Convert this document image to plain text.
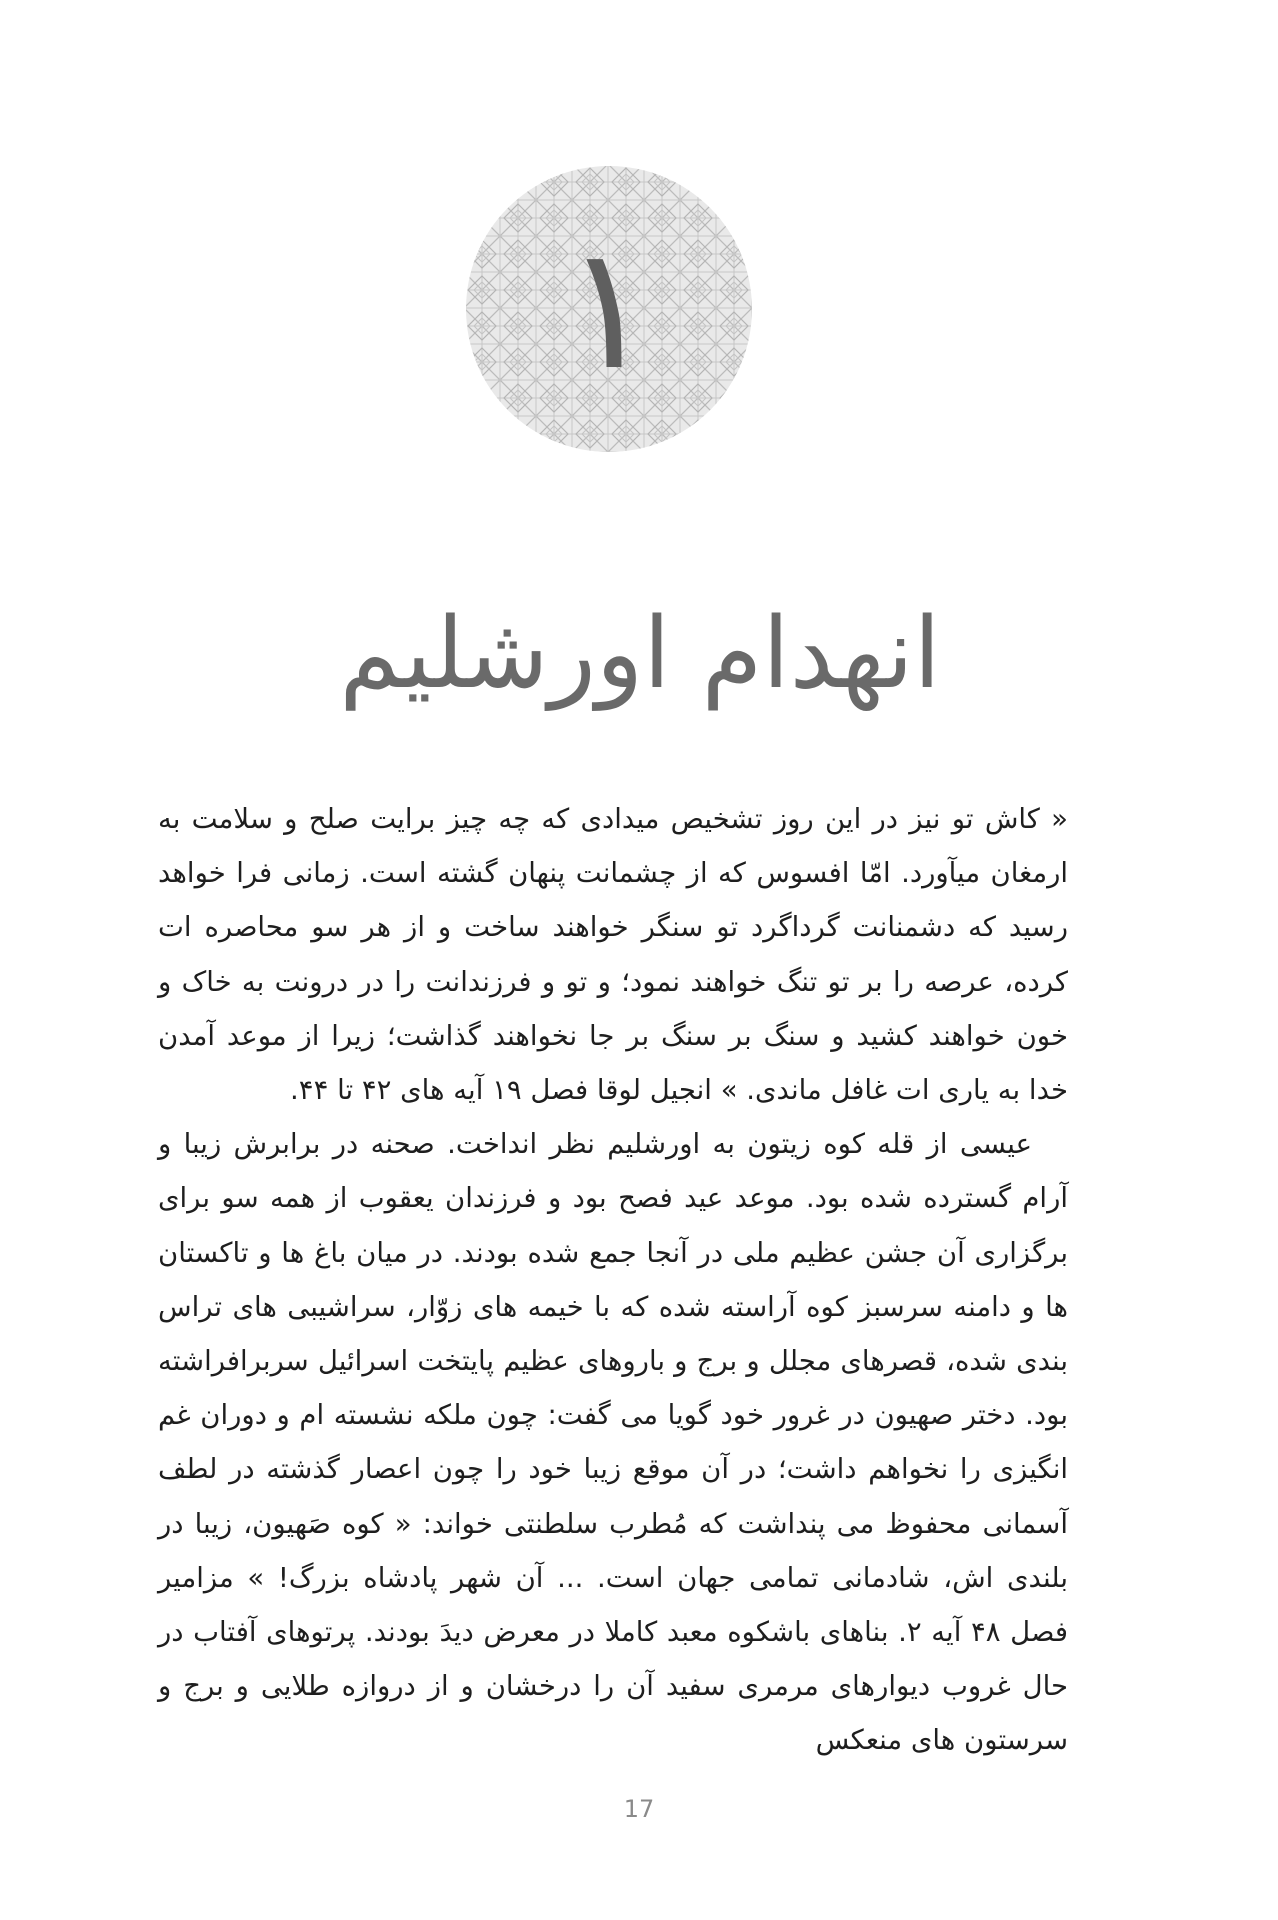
۱
انهدام اورشلیم

« کاش تو نیز در این روز تشخیص میدادی که چه چیز برایت صلح و سلامت به ارمغان میآورد. امّا افسوس که از چشمانت پنهان گشته است. زمانی فرا خواهد رسید که دشمنانت گرداگرد تو سنگر خواهند ساخت و از هر سو محاصره ات کرده، عرصه را بر تو تنگ خواهند نمود؛ و تو و فرزندانت را در درونت به خاک و خون خواهند کشید و سنگ بر سنگ بر جا نخواهند گذاشت؛ زیرا از موعد آمدن خدا به یاری ات غافل ماندی. » انجیل لوقا فصل ۱۹ آیه های ۴۲ تا ۴۴.

عیسی از قله کوه زیتون به اورشلیم نظر انداخت. صحنه در برابرش زیبا و آرام گسترده شده بود. موعد عید فصح بود و فرزندان یعقوب از همه سو برای برگزاری آن جشن عظیم ملی در آنجا جمع شده بودند. در میان باغ ها و تاکستان ها و دامنه سرسبز کوه آراسته شده که با خیمه های زوّار، سراشیبی های تراس بندی شده، قصرهای مجلل و برج و باروهای عظیم پایتخت اسرائیل سربرافراشته بود. دختر صهیون در غرور خود گویا می گفت: چون ملکه نشسته ام و دوران غم انگیزی را نخواهم داشت؛ در آن موقع زیبا خود را چون اعصار گذشته در لطف آسمانی محفوظ می پنداشت که مُطرب سلطنتی خواند: « کوه صَهیون، زیبا در بلندی اش، شادمانی تمامی جهان است. ... آن شهر پادشاه بزرگ! » مزامیر فصل ۴۸ آیه ۲. بناهای باشکوه معبد کاملا در معرض دیدَ بودند. پرتوهای آفتاب در حال غروب دیوارهای مرمری سفید آن را درخشان و از دروازه طلایی و برج و سرستون های منعکس

17
